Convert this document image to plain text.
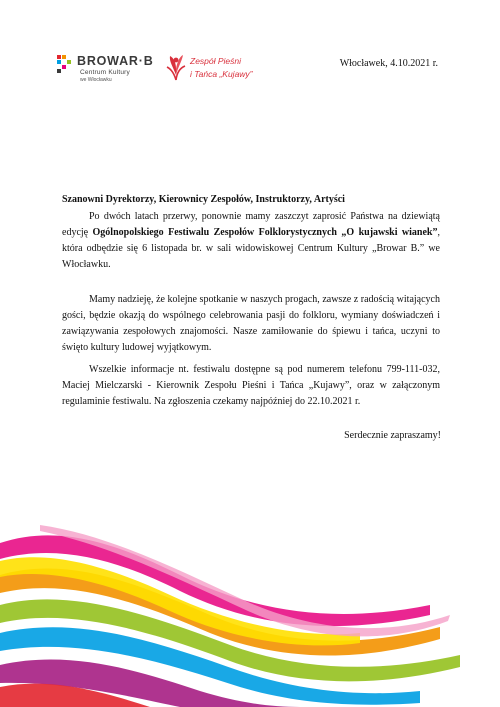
BROWAR·B
Centrum Kultury
we Włocławku
Zespół Pieśni
i Tańca „Kujawy”
Włocławek, 4.10.2021 r.
Szanowni Dyrektorzy, Kierownicy Zespołów, Instruktorzy, Artyści

Po dwóch latach przerwy, ponownie mamy zaszczyt zaprosić Państwa na dziewiątą edycję Ogólnopolskiego Festiwalu Zespołów Folklorystycznych „O kujawski wianek”, która odbędzie się 6 listopada br. w sali widowiskowej Centrum Kultury „Browar B.” we Włocławku.

Mamy nadzieję, że kolejne spotkanie w naszych progach, zawsze z radością witających gości, będzie okazją do wspólnego celebrowania pasji do folkloru, wymiany doświadczeń i zawiązywania zespołowych znajomości. Nasze zamiłowanie do śpiewu i tańca, uczyni to święto kultury ludowej wyjątkowym.

Wszelkie informacje nt. festiwalu dostępne są pod numerem telefonu 799-111-032, Maciej Mielczarski - Kierownik Zespołu Pieśni i Tańca „Kujawy”, oraz w załączonym regulaminie festiwalu. Na zgłoszenia czekamy najpóźniej do 22.10.2021 r.

Serdecznie zapraszamy!
